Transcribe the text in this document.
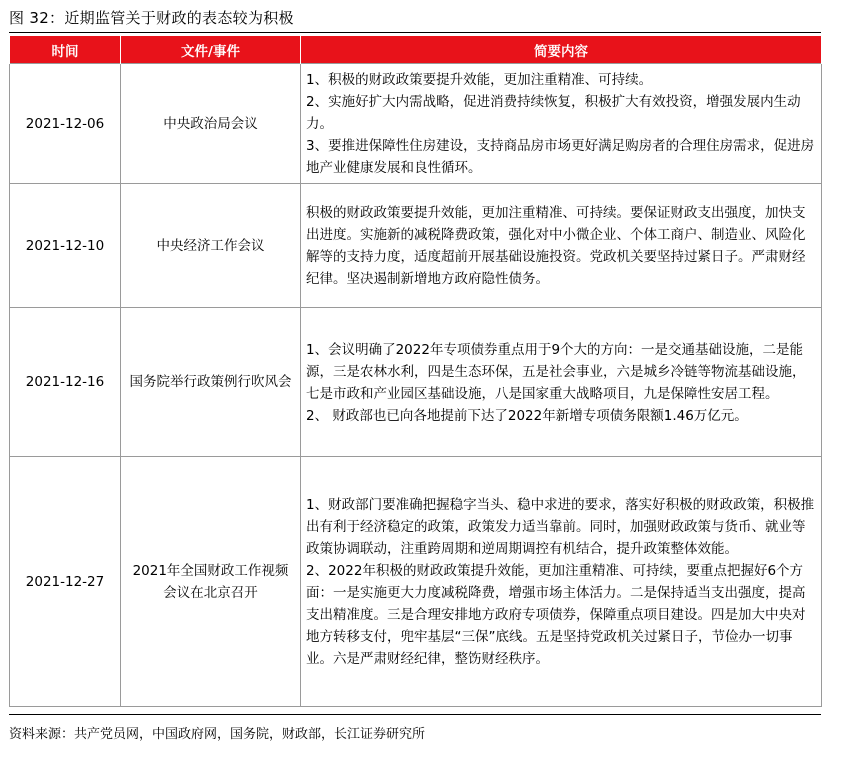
图 32：近期监管关于财政的表态较为积极
时间	文件/事件	简要内容
2021-12-06	中央政治局会议	1、积极的财政政策要提升效能，更加注重精准、可持续。
2、实施好扩大内需战略，促进消费持续恢复，积极扩大有效投资，增强发展内生动力。
3、要推进保障性住房建设，支持商品房市场更好满足购房者的合理住房需求，促进房地产业健康发展和良性循环。

2021-12-10	中央经济工作会议	积极的财政政策要提升效能，更加注重精准、可持续。要保证财政支出强度，加快支出进度。实施新的减税降费政策，强化对中小微企业、个体工商户、制造业、风险化解等的支持力度，适度超前开展基础设施投资。党政机关要坚持过紧日子。严肃财经纪律。坚决遏制新增地方政府隐性债务。

2021-12-16	国务院举行政策例行吹风会	1、会议明确了2022年专项债券重点用于9个大的方向：一是交通基础设施，二是能源，三是农林水利，四是生态环保，五是社会事业，六是城乡冷链等物流基础设施，七是市政和产业园区基础设施，八是国家重大战略项目，九是保障性安居工程。
2、 财政部也已向各地提前下达了2022年新增专项债务限额1.46万亿元。

2021-12-27	2021年全国财政工作视频会议在北京召开	1、财政部门要准确把握稳字当头、稳中求进的要求，落实好积极的财政政策，积极推出有利于经济稳定的政策，政策发力适当靠前。同时，加强财政政策与货币、就业等政策协调联动，注重跨周期和逆周期调控有机结合，提升政策整体效能。
2、2022年积极的财政政策提升效能，更加注重精准、可持续，要重点把握好6个方面：一是实施更大力度减税降费，增强市场主体活力。二是保持适当支出强度，提高支出精准度。三是合理安排地方政府专项债券，保障重点项目建设。四是加大中央对地方转移支付，兜牢基层“三保”底线。五是坚持党政机关过紧日子，节俭办一切事业。六是严肃财经纪律，整饬财经秩序。
资料来源：共产党员网，中国政府网，国务院，财政部，长江证券研究所
